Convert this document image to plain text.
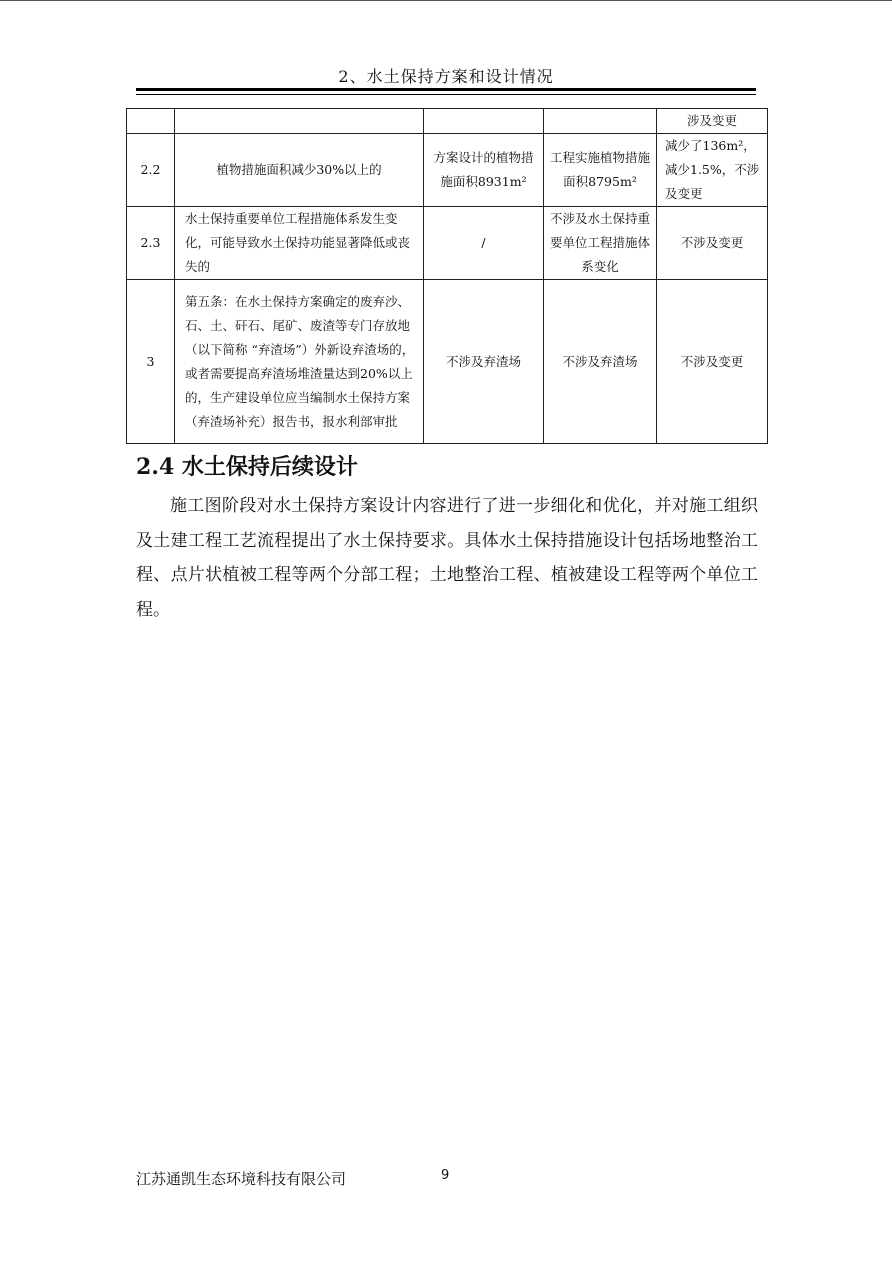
2、水土保持方案和设计情况
				涉及变更
2.2	植物措施面积减少30%以上的	方案设计的植物措施面积8931m²	工程实施植物措施面积8795m²	减少了136m²，减少1.5%，不涉及变更
2.3	水土保持重要单位工程措施体系发生变化，可能导致水土保持功能显著降低或丧失的	/	不涉及水土保持重要单位工程措施体系变化	不涉及变更
3	第五条：在水土保持方案确定的废弃沙、石、土、矸石、尾矿、废渣等专门存放地（以下简称 “弃渣场”）外新设弃渣场的，或者需要提高弃渣场堆渣量达到20%以上的，生产建设单位应当编制水土保持方案（弃渣场补充）报告书，报水利部审批	不涉及弃渣场	不涉及弃渣场	不涉及变更
2.4 水土保持后续设计

施工图阶段对水土保持方案设计内容进行了进一步细化和优化，并对施工组织及土建工程工艺流程提出了水土保持要求。具体水土保持措施设计包括场地整治工程、点片状植被工程等两个分部工程；土地整治工程、植被建设工程等两个单位工程。

江苏通凯生态环境科技有限公司	9
